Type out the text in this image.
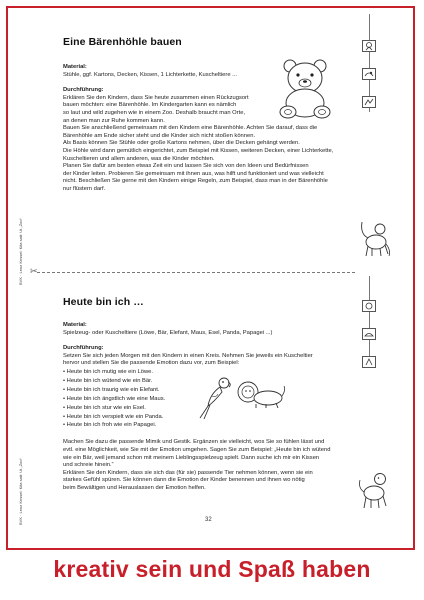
BVK · Lenz Kessel: Kita satt: Ut „Zoo“
BVK · Lenz Kessel: Kita satt: Ut „Zoo“
Eine Bärenhöhle bauen

Material:

Stühle, ggf. Kartons, Decken, Kissen, 1 Lichterkette, Kuscheltiere ...

Durchführung:

Erklären Sie den Kindern, dass Sie heute zusammen einen Rückzugsort

bauen möchten: eine Bärenhöhle. Im Kindergarten kann es nämlich

so laut und wild zugehen wie in einem Zoo. Deshalb braucht man Orte,

an denen man zur Ruhe kommen kann.

Bauen Sie anschließend gemeinsam mit den Kindern eine Bärenhöhle. Achten Sie darauf, dass die

Bärenhöhle am Ende sicher steht und die Kinder sich nicht stoßen können.

Als Basis können Sie Stühle oder große Kartons nehmen, über die Decken gehängt werden.

Die Höhle wird dann gemütlich eingerichtet, zum Beispiel mit Kissen, weiteren Decken, einer Lichterkette,

Kuscheltieren und allem anderen, was die Kinder möchten.

Planen Sie dafür am besten etwas Zeit ein und lassen Sie sich von den Ideen und Bedürfnissen

der Kinder leiten. Probieren Sie gemeinsam mit ihnen aus, was hilft und funktioniert und was vielleicht

nicht. Beschließen Sie gerne mit den Kindern einige Regeln, zum Beispiel, dass man in der Bärenhöhle

nur flüstern darf.

✂
Heute bin ich …

Material:

Spielzeug- oder Kuscheltiere (Löwe, Bär, Elefant, Maus, Esel, Panda, Papagei ...)

Durchführung:

Setzen Sie sich jeden Morgen mit den Kindern in einen Kreis. Nehmen Sie jeweils ein Kuscheltier

hervor und stellen Sie die passende Emotion dazu vor, zum Beispiel:

• Heute bin ich mutig wie ein Löwe.
• Heute bin ich wütend wie ein Bär.
• Heute bin ich traurig wie ein Elefant.
• Heute bin ich ängstlich wie eine Maus.
• Heute bin ich stur wie ein Esel.
• Heute bin ich verspielt wie ein Panda.
• Heute bin ich froh wie ein Papagei.

Machen Sie dazu die passende Mimik und Gestik. Ergänzen sie vielleicht, wos Sie so fühlen lässt und

evtl. eine Möglichkeit, wie Sie mit der Emotion umgehen. Sagen Sie zum Beispiel: „Heute bin ich wütend

wie ein Bär, weil jemand schon mit meinem Lieblingsspielzeug spielt. Dann suche ich mir ein Kissen

und schreie hinein.“

Erklären Sie den Kindern, dass sie sich das (für sie) passende Tier nehmen können, wenn sie ein

starkes Gefühl spüren. Sie können dann die Emotion der Kinder benennen und ihnen wo nötig

beim Bewältigen und Herauslassen der Emotion helfen.

32
kreativ sein und Spaß haben
